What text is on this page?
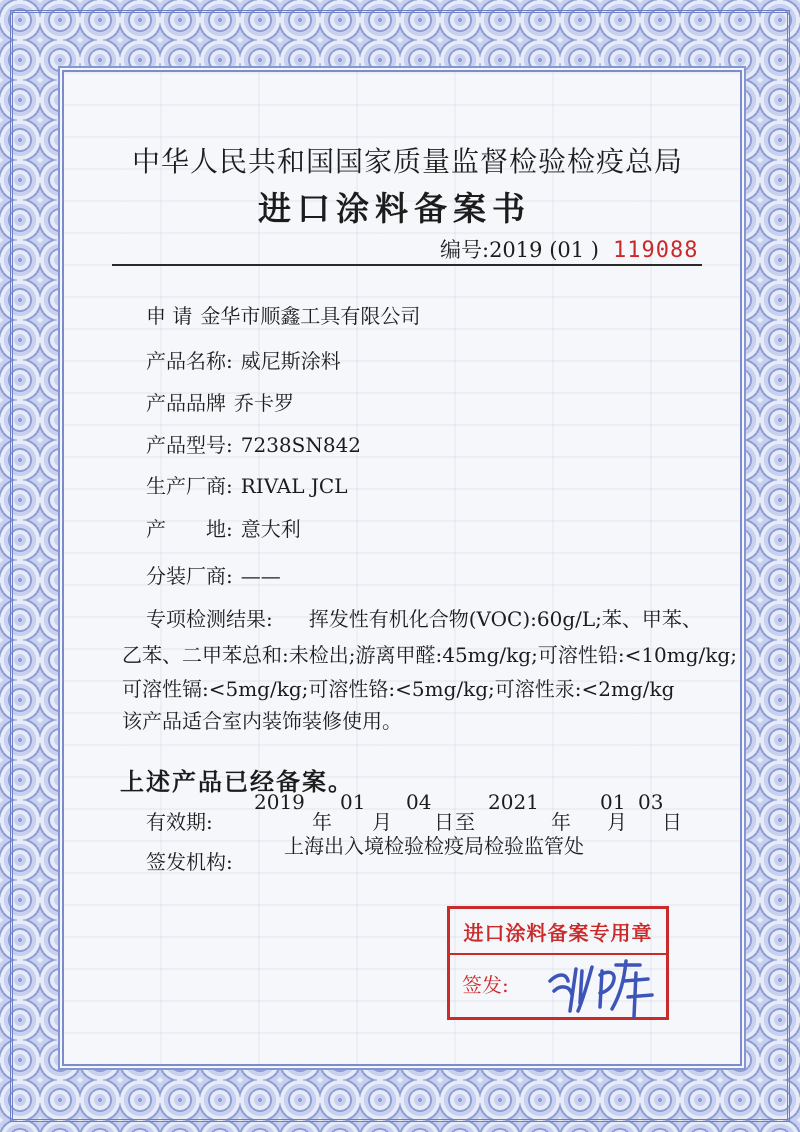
中华人民共和国国家质量监督检验检疫总局
进口涂料备案书
编号:2019 (01 ) 119088
申 请 金华市顺鑫工具有限公司
产品名称: 威尼斯涂料
产品品牌 乔卡罗
产品型号: 7238SN842
生产厂商: RIVAL JCL
产　　地: 意大利
分装厂商: ——
专项检测结果: 挥发性有机化合物(VOC):60g/L;苯、甲苯、
乙苯、二甲苯总和:未检出;游离甲醛:45mg/kg;可溶性铅:<10mg/kg;
可溶性镉:<5mg/kg;可溶性铬:<5mg/kg;可溶性汞:<2mg/kg
该产品适合室内装饰装修使用。
上述产品已经备案。
有效期:
2019
年
01
月
04
日 至
2021
年
01
月
03
日
签发机构:
上海出入境检验检疫局检验监管处
进口涂料备案专用章
签发:
